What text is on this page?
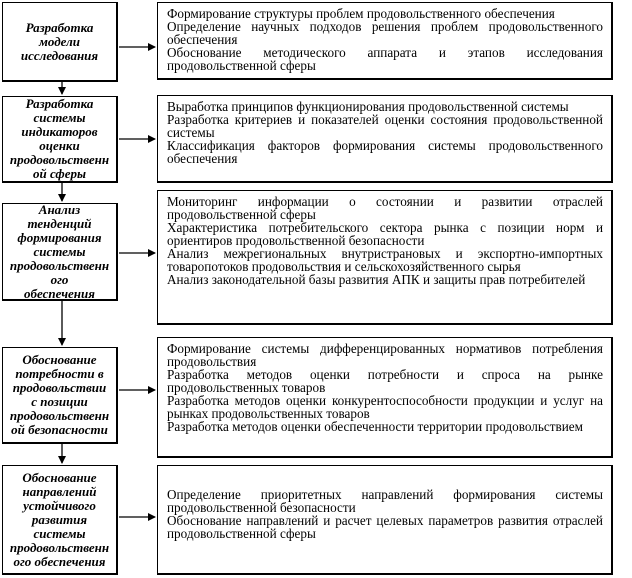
Разработка
модели
исследования
Формирование структуры проблем продовольственного обеспечения
Определение научных подходов решения проблем продовольственного обеспечения
Обоснование методического аппарата и этапов исследования продовольственной сферы
Разработка
системы
индикаторов
оценки
продовольственн
ой сферы
Выработка принципов функционирования продовольственной системы
Разработка критериев и показателей оценки состояния продовольственной системы
Классификация факторов формирования системы продовольственного обеспечения
Анализ
тенденций
формирования
системы
продовольственн
ого
обеспечения
Мониторинг информации о состоянии и развитии отраслей продовольственной сферы
Характеристика потребительского сектора рынка с позиции норм и ориентиров продовольственной безопасности
Анализ межрегиональных внутристрановых и экспортно-импортных товаропотоков продовольствия и сельскохозяйственного сырья
Анализ законодательной базы развития АПК и защиты прав потребителей
Обоснование
потребности в
продовольствии
с позиции
продовольственн
ой безопасности
Формирование системы дифференцированных нормативов потребления продовольствия
Разработка методов оценки потребности и спроса на рынке продовольственных товаров
Разработка методов оценки конкурентоспособности продукции и услуг на рынках продовольственных товаров
Разработка методов оценки обеспеченности территории продовольствием
Обоснование
направлений
устойчивого
развития
системы
продовольственн
ого обеспечения
Определение приоритетных направлений формирования системы продовольственной безопасности
Обоснование направлений и расчет целевых параметров развития отраслей продовольственной сферы
